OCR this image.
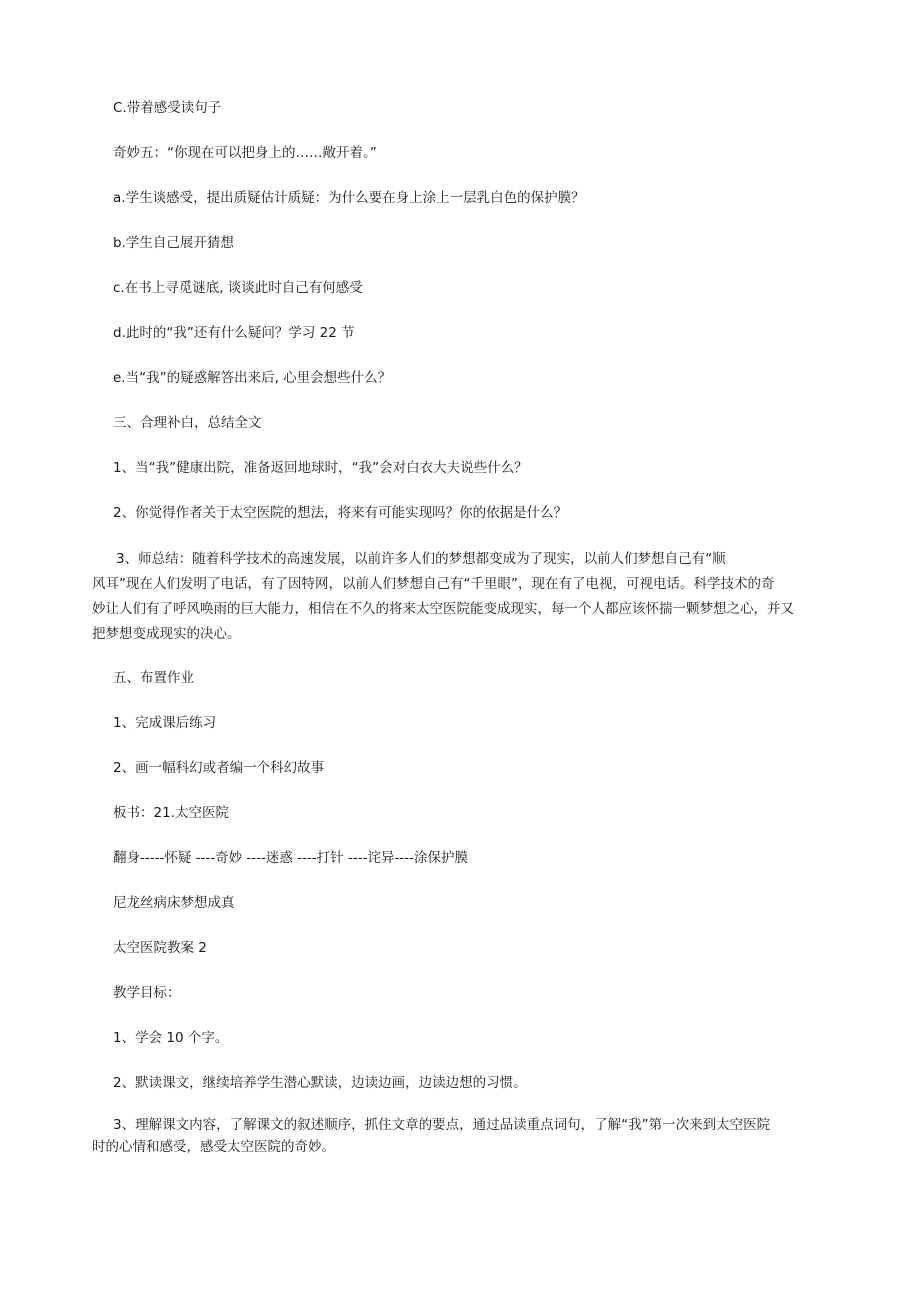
C.带着感受读句子
奇妙五：“你现在可以把身上的……敞开着。”
a.学生谈感受，提出质疑估计质疑：为什么要在身上涂上一层乳白色的保护膜？
b.学生自己展开猜想
c.在书上寻觅谜底, 谈谈此时自己有何感受
d.此时的“我”还有什么疑问？学习 22 节
e.当“我”的疑惑解答出来后, 心里会想些什么？
三、合理补白，总结全文
1、当“我”健康出院，准备返回地球时，“我”会对白衣大夫说些什么？
2、你觉得作者关于太空医院的想法，将来有可能实现吗？你的依据是什么？
3、师总结：随着科学技术的高速发展，以前许多人们的梦想都变成为了现实，以前人们梦想自己有“顺
风耳”现在人们发明了电话，有了因特网，以前人们梦想自己有“千里眼”，现在有了电视，可视电话。科学技术的奇
妙让人们有了呼风唤雨的巨大能力，相信在不久的将来太空医院能变成现实，每一个人都应该怀揣一颗梦想之心，并又
把梦想变成现实的决心。
五、布置作业
1、完成课后练习
2、画一幅科幻或者编一个科幻故事
板书：21.太空医院
翻身-----怀疑 ----奇妙 ----迷惑 ----打针 ----诧异----涂保护膜
尼龙丝病床梦想成真
太空医院教案 2
教学目标：
1、学会 10 个字。
2、默读课文，继续培养学生潜心默读，边读边画，边读边想的习惯。
3、理解课文内容，了解课文的叙述顺序，抓住文章的要点，通过品读重点词句，了解“我”第一次来到太空医院
时的心情和感受，感受太空医院的奇妙。
